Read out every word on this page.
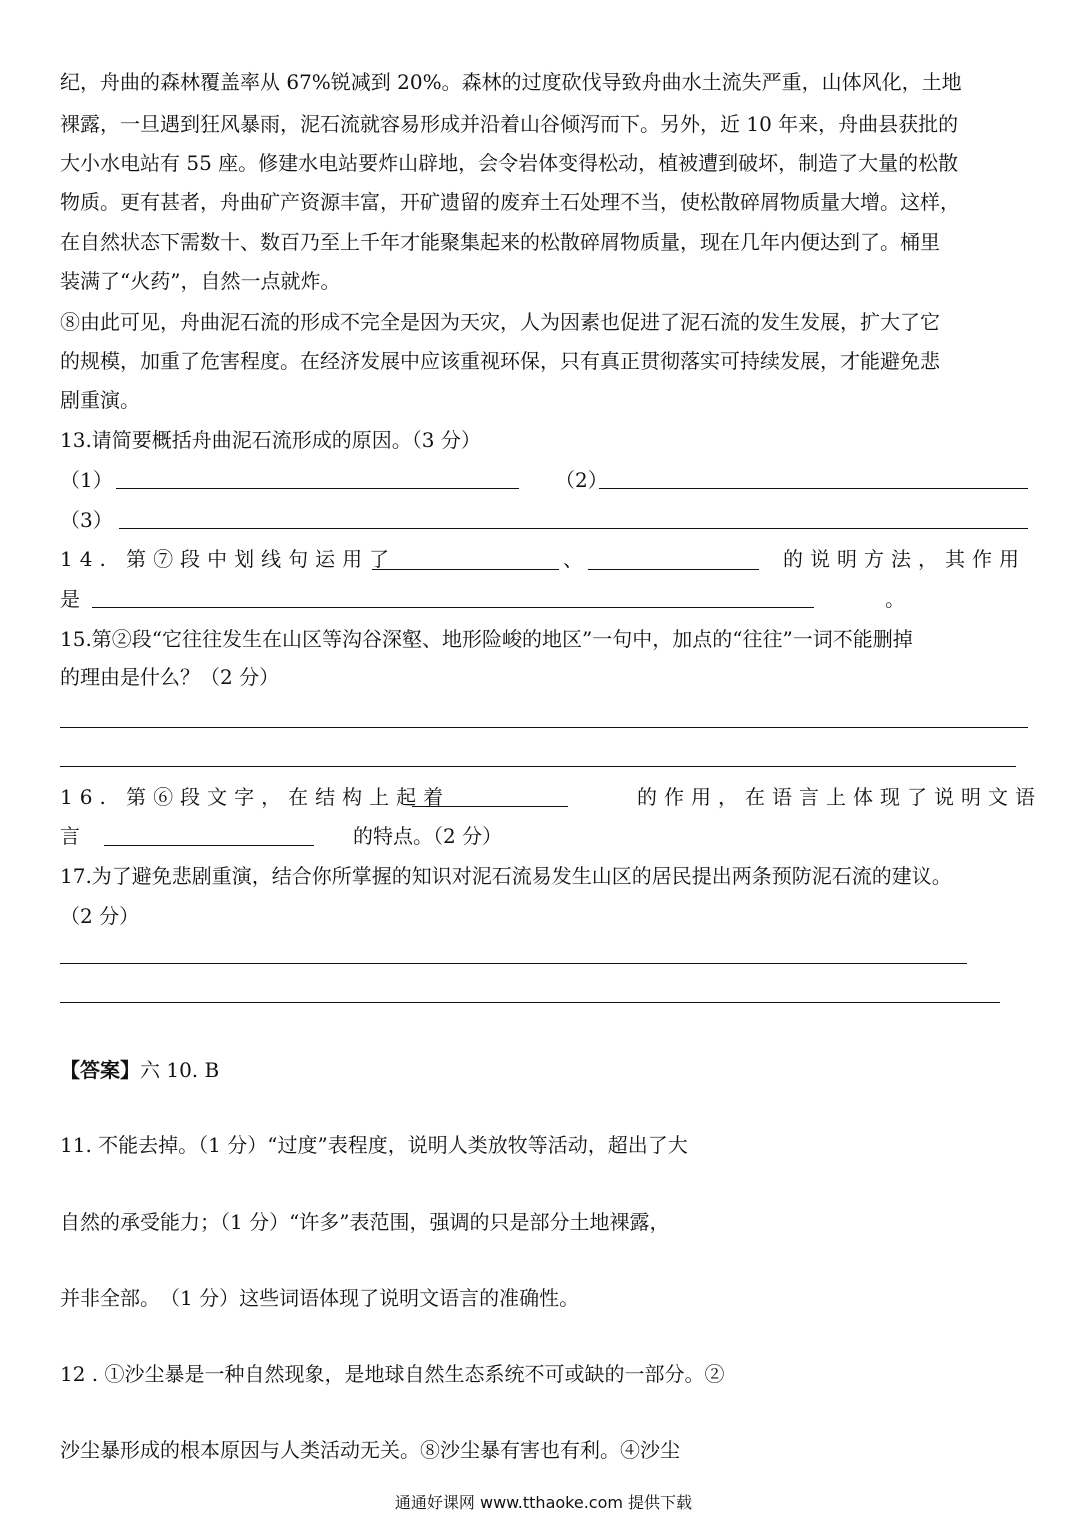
纪，舟曲的森林覆盖率从 67%锐减到 20%。森林的过度砍伐导致舟曲水土流失严重，山体风化，土地
裸露，一旦遇到狂风暴雨，泥石流就容易形成并沿着山谷倾泻而下。另外，近 10 年来，舟曲县获批的
大小水电站有 55 座。修建水电站要炸山辟地，会令岩体变得松动，植被遭到破坏，制造了大量的松散
物质。更有甚者，舟曲矿产资源丰富，开矿遗留的废弃土石处理不当，使松散碎屑物质量大增。这样，
在自然状态下需数十、数百乃至上千年才能聚集起来的松散碎屑物质量，现在几年内便达到了。桶里
装满了“火药”，自然一点就炸。
⑧由此可见，舟曲泥石流的形成不完全是因为天灾，人为因素也促进了泥石流的发生发展，扩大了它
的规模，加重了危害程度。在经济发展中应该重视环保，只有真正贯彻落实可持续发展，才能避免悲
剧重演。
13.请简要概括舟曲泥石流形成的原因。（3 分）
（1）	（2）
（3）
14. 第⑦段中划线句运用了	、	的说明方法，其作用
是	。
15.第②段“它往往发生在山区等沟谷深壑、地形险峻的地区”一句中，加点的“往往”一词不能删掉
的理由是什么？（2 分）
16. 第⑥段文字，在结构上起着	的作用，在语言上体现了说明文语
言	的特点。（2 分）
17.为了避免悲剧重演，结合你所掌握的知识对泥石流易发生山区的居民提出两条预防泥石流的建议。
（2 分）
【答案】六 10. B
11. 不能去掉。（1 分）“过度”表程度，说明人类放牧等活动，超出了大
自然的承受能力；（1 分）“许多”表范围，强调的只是部分土地裸露，
并非全部。　（1 分）这些词语体现了说明文语言的准确性。
12 . ①沙尘暴是一种自然现象，是地球自然生态系统不可或缺的一部分。②
沙尘暴形成的根本原因与人类活动无关。⑧沙尘暴有害也有利。④沙尘
通通好课网 www.tthaoke.com 提供下载
